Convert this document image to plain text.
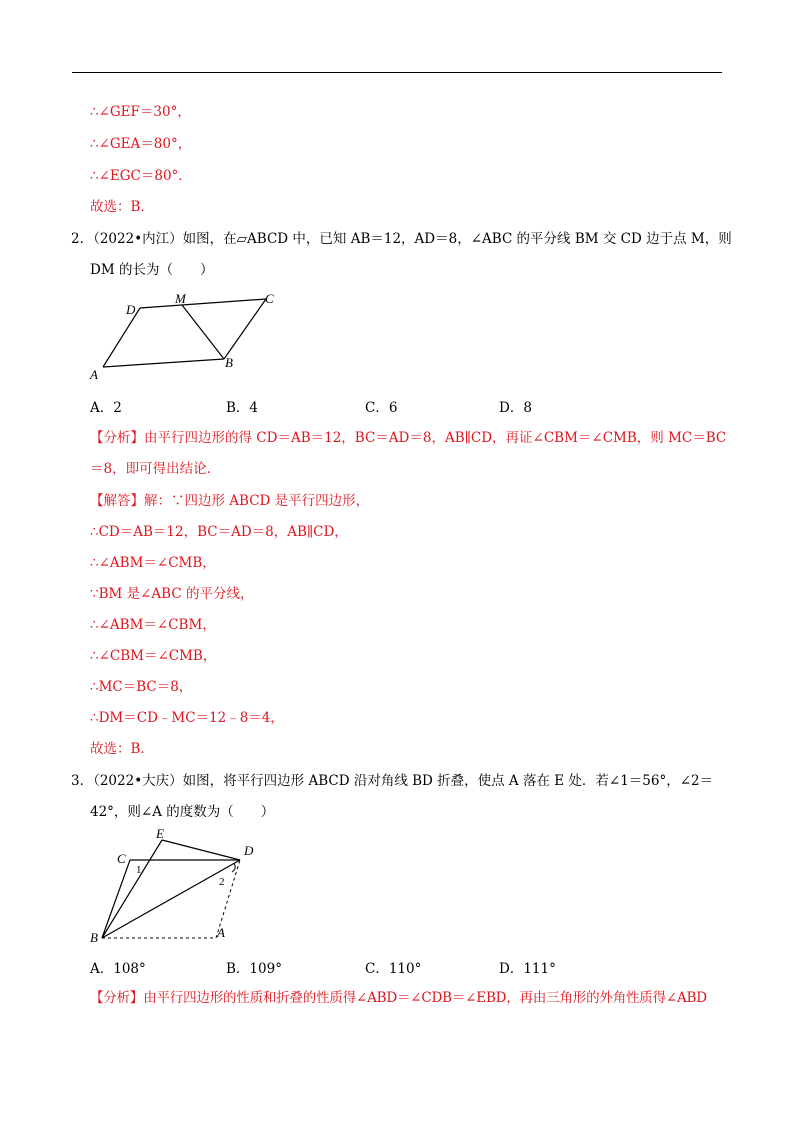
∴∠GEF＝30°，
∴∠GEA＝80°，
∴∠EGC＝80°．
故选：B．
2．（2022•内江）如图，在▱ABCD 中，已知 AB＝12，AD＝8，∠ABC 的平分线 BM 交 CD 边于点 M，则
DM 的长为（　　）
A
B
C
D
M
A．2	B．4	C．6	D．8
【分析】由平行四边形的得 CD＝AB＝12，BC＝AD＝8，AB∥CD，再证∠CBM＝∠CMB，则 MC＝BC
＝8，即可得出结论．
【解答】解：∵四边形 ABCD 是平行四边形，
∴CD＝AB＝12，BC＝AD＝8，AB∥CD，
∴∠ABM＝∠CMB，
∵BM 是∠ABC 的平分线，
∴∠ABM＝∠CBM，
∴∠CBM＝∠CMB，
∴MC＝BC＝8，
∴DM＝CD﹣MC＝12﹣8＝4，
故选：B．
3．（2022•大庆）如图，将平行四边形 ABCD 沿对角线 BD 折叠，使点 A 落在 E 处．若∠1＝56°，∠2＝
42°，则∠A 的度数为（　　）
B	A
C
D
E
1
2
A．108°	B．109°	C．110°	D．111°
【分析】由平行四边形的性质和折叠的性质得∠ABD＝∠CDB＝∠EBD，再由三角形的外角性质得∠ABD
